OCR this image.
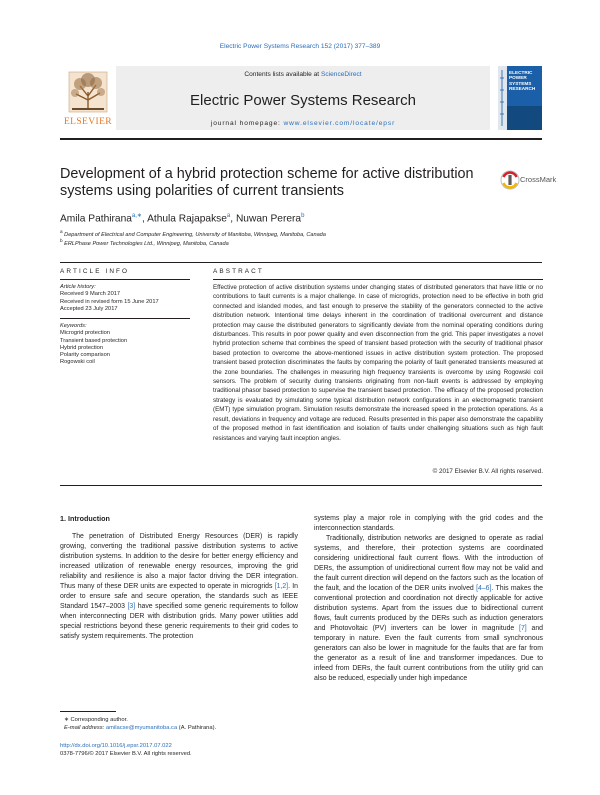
Electric Power Systems Research 152 (2017) 377–389
ELSEVIER
Contents lists available at ScienceDirect
Electric Power Systems Research
journal homepage: www.elsevier.com/locate/epsr
ELECTRIC POWER
SYSTEMS RESEARCH
Development of a hybrid protection scheme for active distribution systems using polarities of current transients
CrossMark
Amila Pathirana$^{a,∗}$, Athula Rajapakse$^a$, Nuwan Perera$^b$
$^a$ Department of Electrical and Computer Engineering, University of Manitoba, Winnipeg, Manitoba, Canada
$^b$ ERLPhase Power Technologies Ltd., Winnipeg, Manitoba, Canada
ARTICLE INFO	ABSTRACT
Article history:
Received 9 March 2017
Received in revised form 15 June 2017
Accepted 23 July 2017
Keywords:
Microgrid protection
Transient based protection
Hybrid protection
Polarity comparison
Rogowski coil
Effective protection of active distribution systems under changing states of distributed generators that have little or no contributions to fault currents is a major challenge. In case of microgrids, protection need to be effective in both grid connected and islanded modes, and fast enough to preserve the stability of the generators connected to the active distribution network. Intentional time delays inherent in the coordination of traditional overcurrent and distance protection may cause the distributed generators to significantly deviate from the nominal operating conditions during disturbances. This results in poor power quality and even disconnection from the grid. This paper investigates a novel hybrid protection scheme that combines the speed of transient based protection with the security of traditional phasor based protection to overcome the above-mentioned issues in active distribution system protection. The proposed transient based protection discriminates the faults by comparing the polarity of fault generated transients measured at the zone boundaries. The challenges in measuring high frequency transients is overcome by using Rogowski coil sensors. The problem of security during transients originating from non-fault events is addressed by employing traditional phasor based protection to supervise the transient based protection. The efficacy of the proposed protection strategy is evaluated by simulating some typical distribution network configurations in an electromagnetic transient (EMT) type simulation program. Simulation results demonstrate the increased speed in the protection operations. As a result, deviations in frequency and voltage are reduced. Results presented in this paper also demonstrate the capability of the proposed method in fast identification and isolation of faults under challenging situations such as high fault resistances and varying fault inception angles.
© 2017 Elsevier B.V. All rights reserved.
1. Introduction
The penetration of Distributed Energy Resources (DER) is rapidly growing, converting the traditional passive distribution systems to active distribution systems. In addition to the desire for better energy efficiency and increased utilization of renewable energy resources, improving the grid reliability and resilience is also a major factor driving the DER integration. Thus many of these DER units are expected to operate in microgrids [1,2]. In order to ensure safe and secure operation, the standards such as IEEE Standard 1547–2003 [3] have specified some generic requirements to follow when interconnecting DER with distribution grids. Many power utilities add special restrictions beyond these generic requirements to their grid codes to satisfy system requirements. The protection

systems play a major role in complying with the grid codes and the interconnection standards.

Traditionally, distribution networks are designed to operate as radial systems, and therefore, their protection systems are coordinated considering unidirectional fault current flows. With the introduction of DERs, the assumption of unidirectional current flow may not be valid and the fault current direction will depend on the factors such as the location of the fault, and the location of the DER units involved [4–6]. This makes the conventional protection and coordination not directly applicable for active distribution systems. Apart from the issues due to bidirectional current flows, fault currents produced by the DERs such as induction generators and Photovoltaic (PV) inverters can be lower in magnitude [7] and temporary in nature. Even the fault currents from small synchronous generators can also be lower in magnitude for the faults that are far from the generator as a result of line and transformer impedances. Due to infeed from DERs, the fault current contributions from the utility grid can also be reduced, especially under high impedance

∗ Corresponding author.
E-mail address: amilacse@myumanitoba.ca (A. Pathirana).
http://dx.doi.org/10.1016/j.epsr.2017.07.022
0378-7796/© 2017 Elsevier B.V. All rights reserved.
